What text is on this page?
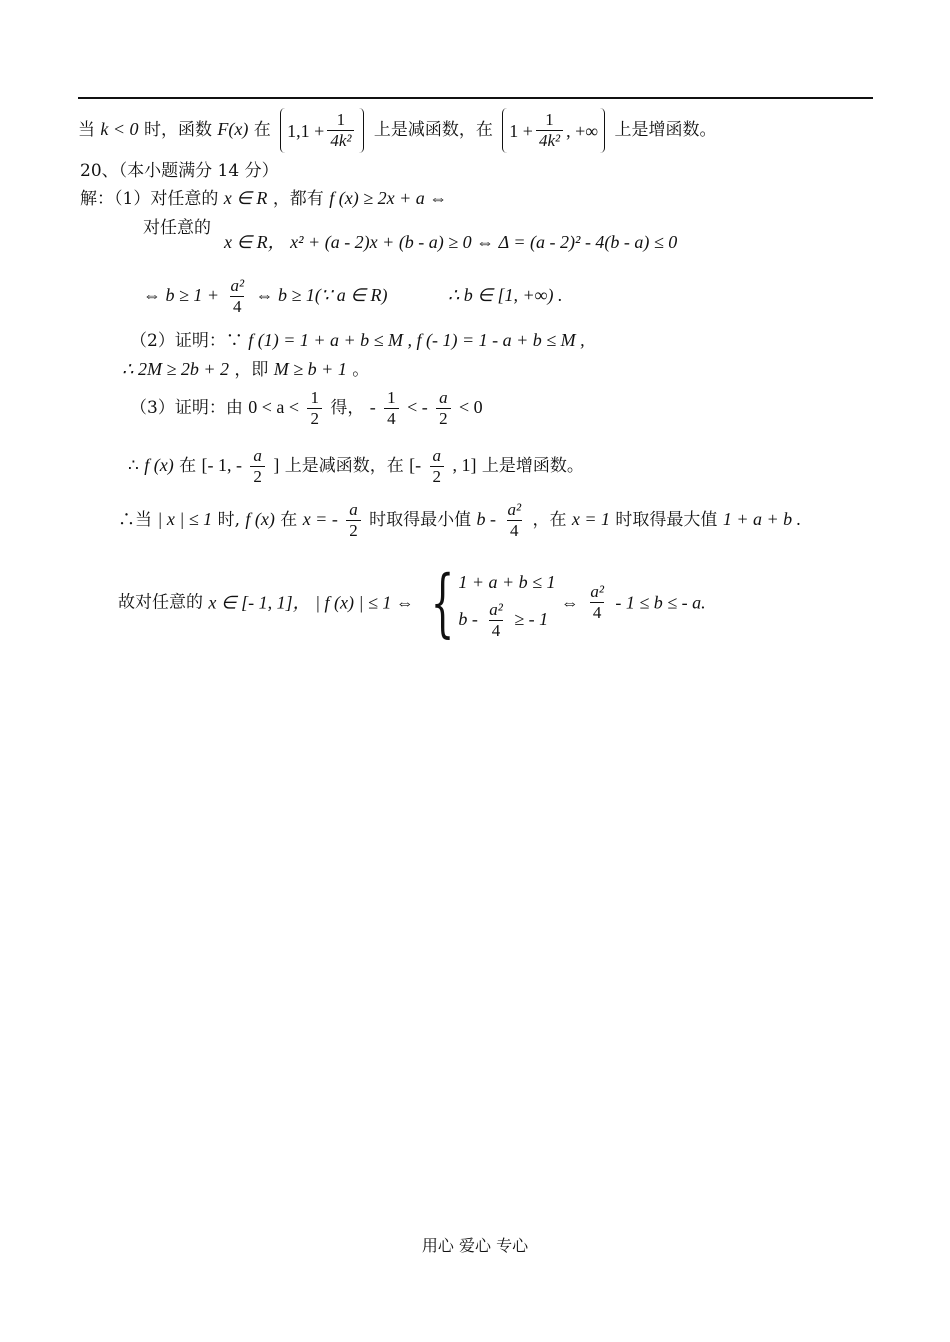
当 k < 0 时，函数 F(x) 在 $1,1 + \frac{1}{\text{4k²}}$ 上是减函数，在 $1 + \frac{1}{\text{4k²}}$ , +∞ 上是增函数。
20、（本小题满分 14 分）
解：（1）对任意的 x ∈ R ，都有 f (x) ≥ 2x + a ⇔
对任意的
x ∈ R， x² + (a - 2)x + (b - a) ≥ 0 ⇔ Δ = (a - 2)² - 4(b - a) ≤ 0
⇔ $b \ge 1 + \frac{\text{a²}}{4}$ ⇔ b ≥ 1(∵ a ∈ R)	∴ b ∈ [1, +∞) .
（2）证明：∵ f (1) = 1 + a + b ≤ M , f (- 1) = 1 - a + b ≤ M ,
∴ 2M ≥ 2b + 2 ，即 M ≥ b + 1 。
（3）证明：由 $0 < a < \frac{1}{2}$ 得， - $\frac{1}{4}$ < - $\frac{a}{2} < 0$
∴ f (x) 在 [- 1, - $\frac{a}{2}$ ] 上是减函数，在 [- $\frac{a}{2}$ , 1] 上是增函数。
∴当 | x | ≤ 1 时, f (x) 在 x = - $\frac{a}{2}$ 时取得最小值 b - $\frac{\text{a²}}{4}$ ，在 x = 1 时取得最大值 1 + a + b .
故对任意的 x ∈ [- 1, 1]， | f (x) | ≤ 1 ⇔ { 1 + a + b ≤ 1
b - $\frac{\text{a²}}{4}$ ≥ - 1
⇔ $\frac{\text{a²}}{4} - 1 \le b$ ≤ - a.
用心 爱心 专心
